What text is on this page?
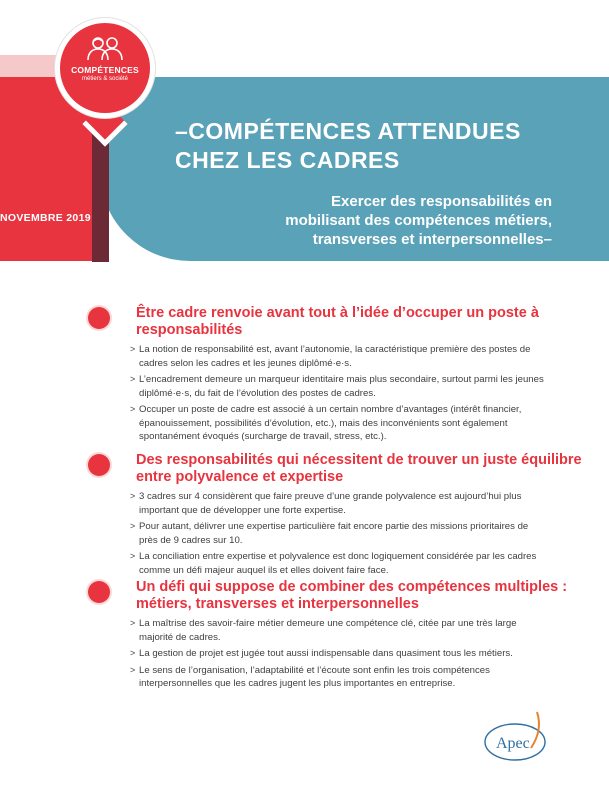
COMPÉTENCES
métiers & société
NOVEMBRE 2019
–COMPÉTENCES ATTENDUES
CHEZ LES CADRES
Exercer des responsabilités en
mobilisant des compétences métiers,
transverses et interpersonnelles–
Être cadre renvoie avant tout à l’idée d’occuper un poste à
responsabilités
> La notion de responsabilité est, avant l’autonomie, la caractéristique première des postes de
cadres selon les cadres et les jeunes diplômé·e·s.
> L’encadrement demeure un marqueur identitaire mais plus secondaire, surtout parmi les jeunes
diplômé·e·s, du fait de l’évolution des postes de cadres.
> Occuper un poste de cadre est associé à un certain nombre d’avantages (intérêt financier,
épanouissement, possibilités d’évolution, etc.), mais des inconvénients sont également
spontanément évoqués (surcharge de travail, stress, etc.).
Des responsabilités qui nécessitent de trouver un juste équilibre
entre polyvalence et expertise
> 3 cadres sur 4 considèrent que faire preuve d’une grande polyvalence est aujourd’hui plus
important que de développer une forte expertise.
> Pour autant, délivrer une expertise particulière fait encore partie des missions prioritaires de
près de 9 cadres sur 10.
> La conciliation entre expertise et polyvalence est donc logiquement considérée par les cadres
comme un défi majeur auquel ils et elles doivent faire face.
Un défi qui suppose de combiner des compétences multiples :
métiers, transverses et interpersonnelles
> La maîtrise des savoir-faire métier demeure une compétence clé, citée par une très large
majorité de cadres.
> La gestion de projet est jugée tout aussi indispensable dans quasiment tous les métiers.
> Le sens de l’organisation, l’adaptabilité et l’écoute sont enfin les trois compétences
interpersonnelles que les cadres jugent les plus importantes en entreprise.
Apec
